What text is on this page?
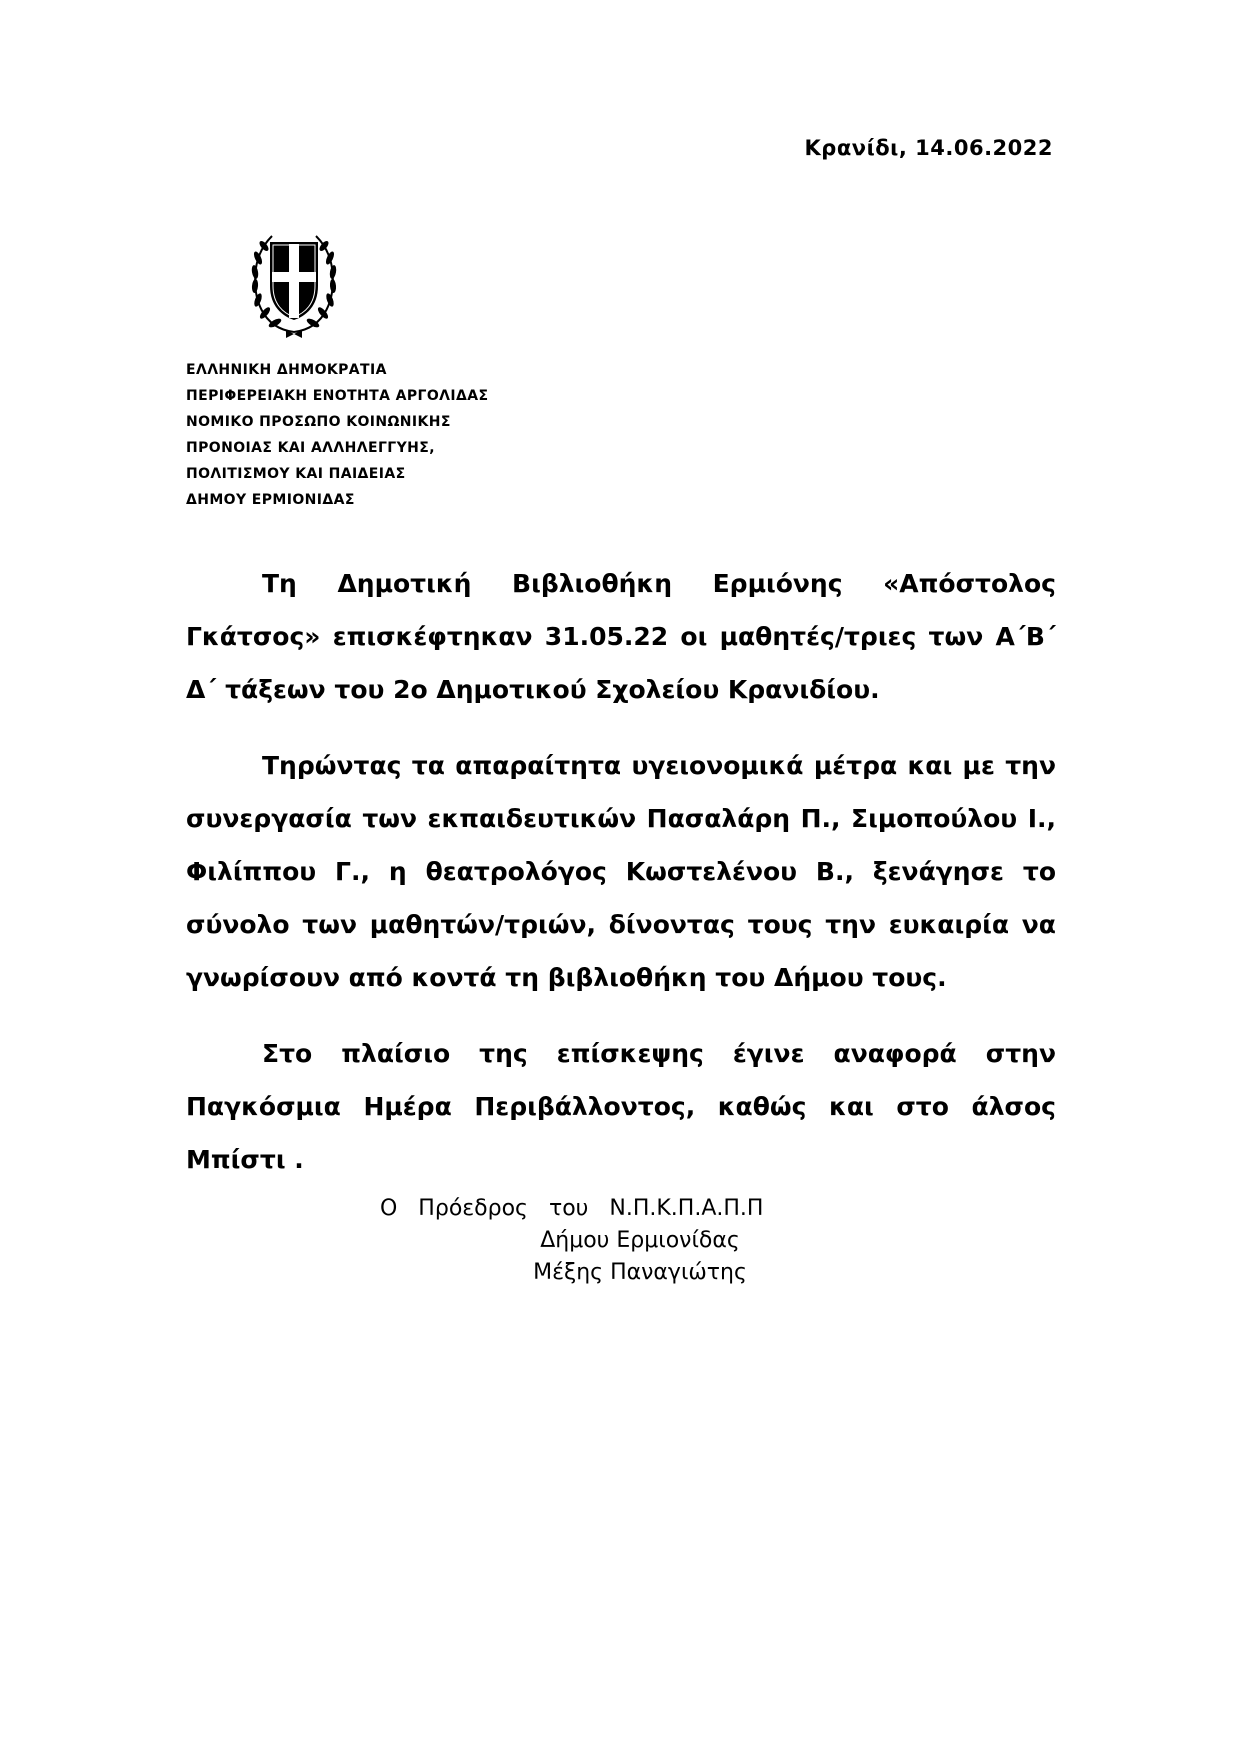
Κρανίδι, 14.06.2022
ΕΛΛΗΝΙΚΗ ΔΗΜΟΚΡΑΤΙΑ
ΠΕΡΙΦΕΡΕΙΑΚΗ ΕΝΟΤΗΤΑ ΑΡΓΟΛΙΔΑΣ
ΝΟΜΙΚΟ ΠΡΟΣΩΠΟ ΚΟΙΝΩΝΙΚΗΣ
ΠΡΟΝΟΙΑΣ ΚΑΙ ΑΛΛΗΛΕΓΓΥΗΣ,
ΠΟΛΙΤΙΣΜΟΥ ΚΑΙ ΠΑΙΔΕΙΑΣ
ΔΗΜΟΥ ΕΡΜΙΟΝΙΔΑΣ

Τη Δημοτική Βιβλιοθήκη Ερμιόνης «Απόστολος Γκάτσος» επισκέφτηκαν 31.05.22 οι μαθητές/τριες των Α΄Β΄ Δ΄ τάξεων του 2ο Δημοτικού Σχολείου Κρανιδίου.

Τηρώντας τα απαραίτητα υγειονομικά μέτρα και με την συνεργασία των εκπαιδευτικών Πασαλάρη Π., Σιμοπούλου Ι., Φιλίππου Γ., η θεατρολόγος Κωστελένου Β., ξενάγησε το σύνολο των μαθητών/τριών, δίνοντας τους την ευκαιρία να γνωρίσουν από κοντά τη βιβλιοθήκη του Δήμου τους.

Στο πλαίσιο της επίσκεψης έγινε αναφορά στην Παγκόσμια Ημέρα Περιβάλλοντος, καθώς και στο άλσος Μπίστι .

Ο Πρόεδρος του Ν.Π.Κ.Π.Α.Π.Π
Δήμου Ερμιονίδας
Μέξης Παναγιώτης
